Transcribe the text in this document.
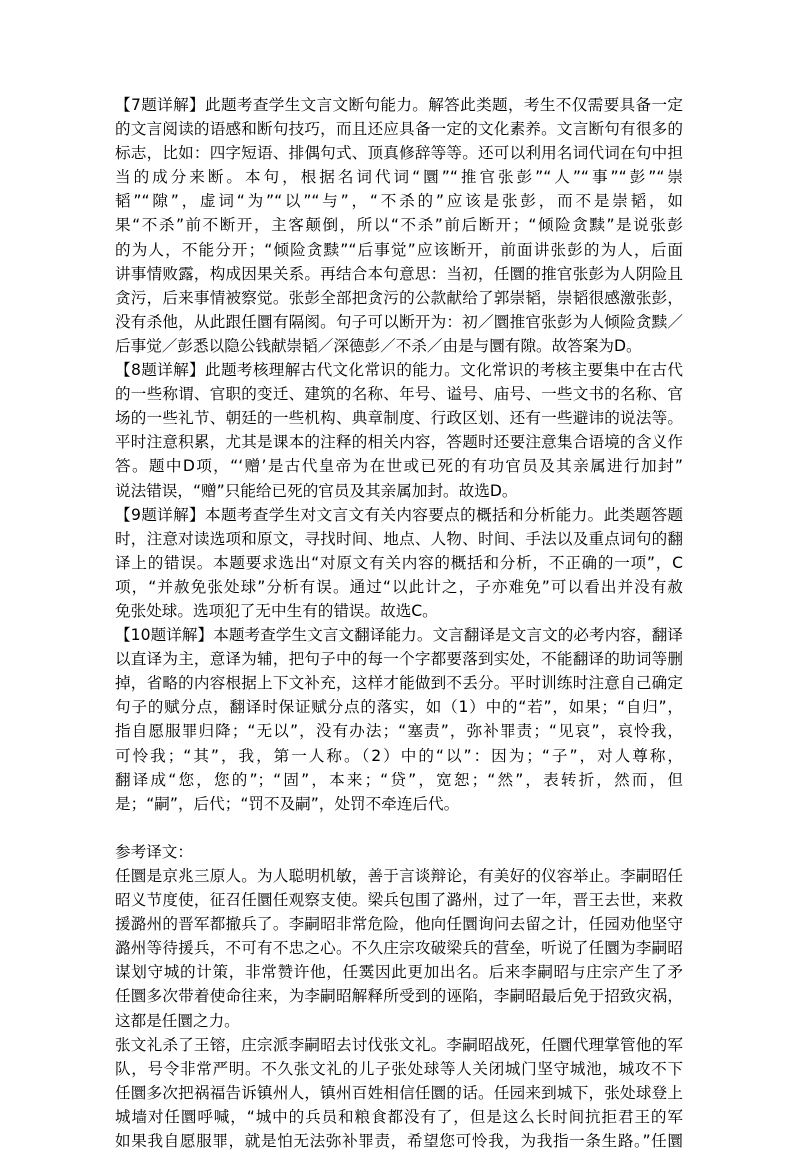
【7题详解】此题考查学生文言文断句能力。解答此类题，考生不仅需要具备一定
的文言阅读的语感和断句技巧，而且还应具备一定的文化素养。文言断句有很多的
标志，比如：四字短语、排偶句式、顶真修辞等等。还可以利用名词代词在句中担
当的成分来断。本句，根据名词代词“圜”“推官张彭”“人”“事”“彭”“崇
韬”“隙”，虚词“为”“以”“与”，“不杀的”应该是张彭，而不是崇韬，如
果“不杀”前不断开，主客颠倒，所以“不杀”前后断开；“倾险贪黩”是说张彭
的为人，不能分开；“倾险贪黩”“后事觉”应该断开，前面讲张彭的为人，后面
讲事情败露，构成因果关系。再结合本句意思：当初，任圜的推官张彭为人阴险且
贪污，后来事情被察觉。张彭全部把贪污的公款献给了郭崇韬，崇韬很感激张彭，
没有杀他，从此跟任圜有隔阂。句子可以断开为：初／圜推官张彭为人倾险贪黩／
后事觉／彭悉以隐公钱献崇韬／深德彭／不杀／由是与圜有隙。故答案为D。
【8题详解】此题考核理解古代文化常识的能力。文化常识的考核主要集中在古代
的一些称谓、官职的变迁、建筑的名称、年号、谥号、庙号、一些文书的名称、官
场的一些礼节、朝廷的一些机构、典章制度、行政区划、还有一些避讳的说法等。
平时注意积累，尤其是课本的注释的相关内容，答题时还要注意集合语境的含义作
答。题中D项，“‘赠’是古代皇帝为在世或已死的有功官员及其亲属进行加封”
说法错误，“赠”只能给已死的官员及其亲属加封。故选D。
【9题详解】本题考查学生对文言文有关内容要点的概括和分析能力。此类题答题
时，注意对读选项和原文，寻找时间、地点、人物、时间、手法以及重点词句的翻
译上的错误。本题要求选出“对原文有关内容的概括和分析，不正确的一项”，C
项，“并赦免张处球”分析有误。通过“以此计之，子亦难免”可以看出并没有赦
免张处球。选项犯了无中生有的错误。故选C。
【10题详解】本题考查学生文言文翻译能力。文言翻译是文言文的必考内容，翻译
以直译为主，意译为辅，把句子中的每一个字都要落到实处，不能翻译的助词等删
掉，省略的内容根据上下文补充，这样才能做到不丢分。平时训练时注意自己确定
句子的赋分点，翻译时保证赋分点的落实，如（1）中的“若”，如果；“自归”，
指自愿服罪归降；“无以”，没有办法；“塞责”，弥补罪责；“见哀”，哀怜我，
可怜我；“其”，我，第一人称。（2）中的“以”：因为；“子”，对人尊称，
翻译成“您，您的”；“固”，本来；“贷”，宽恕；“然”，表转折，然而，但
是；“嗣”，后代；“罚不及嗣”，处罚不牵连后代。
参考译文：
任圜是京兆三原人。为人聪明机敏，善于言谈辩论，有美好的仪容举止。李嗣昭任
昭义节度使，征召任圜任观察支使。梁兵包围了潞州，过了一年，晋王去世，来救
援潞州的晋军都撤兵了。李嗣昭非常危险，他向任圜询问去留之计，任园劝他坚守
潞州等待援兵，不可有不忠之心。不久庄宗攻破梁兵的营垒，听说了任圜为李嗣昭
谋划守城的计策，非常赞许他，任霙因此更加出名。后来李嗣昭与庄宗产生了矛
任圜多次带着使命往来，为李嗣昭解释所受到的诬陷，李嗣昭最后免于招致灾祸，
这都是任圜之力。
张文礼杀了王镕，庄宗派李嗣昭去讨伐张文礼。李嗣昭战死，任圜代理掌管他的军
队，号令非常严明。不久张文礼的儿子张处球等人关闭城门坚守城池，城攻不下
任圜多次把祸福告诉镇州人，镇州百姓相信任圜的话。任园来到城下，张处球登上
城墙对任圜呼喊，“城中的兵员和粮食都没有了，但是这么长时间抗拒君王的军
如果我自愿服罪，就是怕无法弥补罪责，希望您可怜我，为我指一条生路。”任圜
